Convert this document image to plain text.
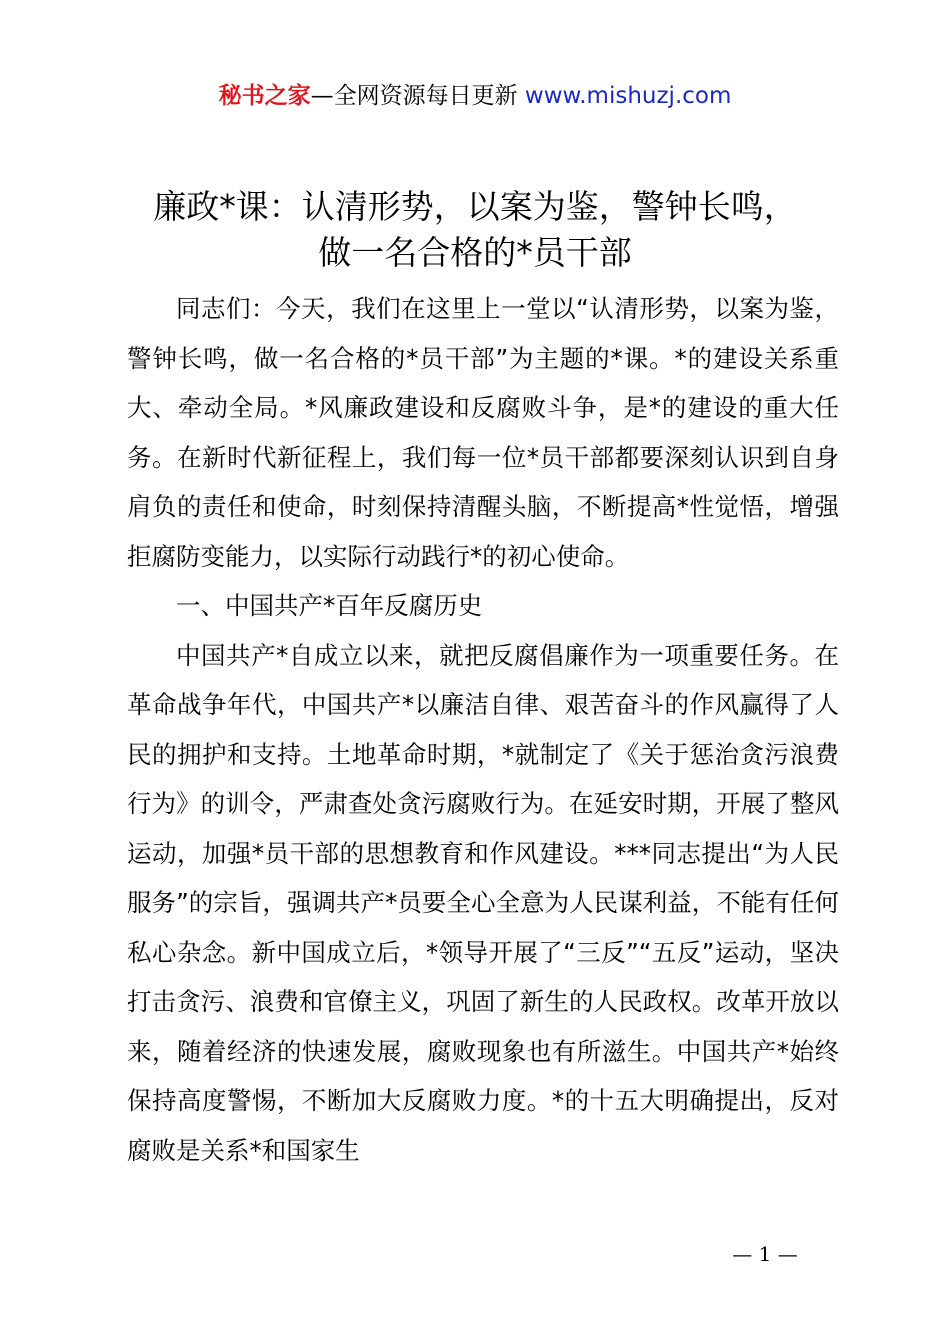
秘书之家—全网资源每日更新 www.mishuzj.com
廉政*课：认清形势，以案为鉴，警钟长鸣，
做一名合格的*员干部

同志们：今天，我们在这里上一堂以“认清形势，以案为鉴，警钟长鸣，做一名合格的*员干部”为主题的*课。*的建设关系重大、牵动全局。*风廉政建设和反腐败斗争，是*的建设的重大任务。在新时代新征程上，我们每一位*员干部都要深刻认识到自身肩负的责任和使命，时刻保持清醒头脑，不断提高*性觉悟，增强拒腐防变能力，以实际行动践行*的初心使命。

一、中国共产*百年反腐历史

中国共产*自成立以来，就把反腐倡廉作为一项重要任务。在革命战争年代，中国共产*以廉洁自律、艰苦奋斗的作风赢得了人民的拥护和支持。土地革命时期，*就制定了《关于惩治贪污浪费行为》的训令，严肃查处贪污腐败行为。在延安时期，开展了整风运动，加强*员干部的思想教育和作风建设。***同志提出“为人民服务”的宗旨，强调共产*员要全心全意为人民谋利益，不能有任何私心杂念。新中国成立后，*领导开展了“三反”“五反”运动，坚决打击贪污、浪费和官僚主义，巩固了新生的人民政权。改革开放以来，随着经济的快速发展，腐败现象也有所滋生。中国共产*始终保持高度警惕，不断加大反腐败力度。*的十五大明确提出，反对腐败是关系*和国家生

— 1 —
